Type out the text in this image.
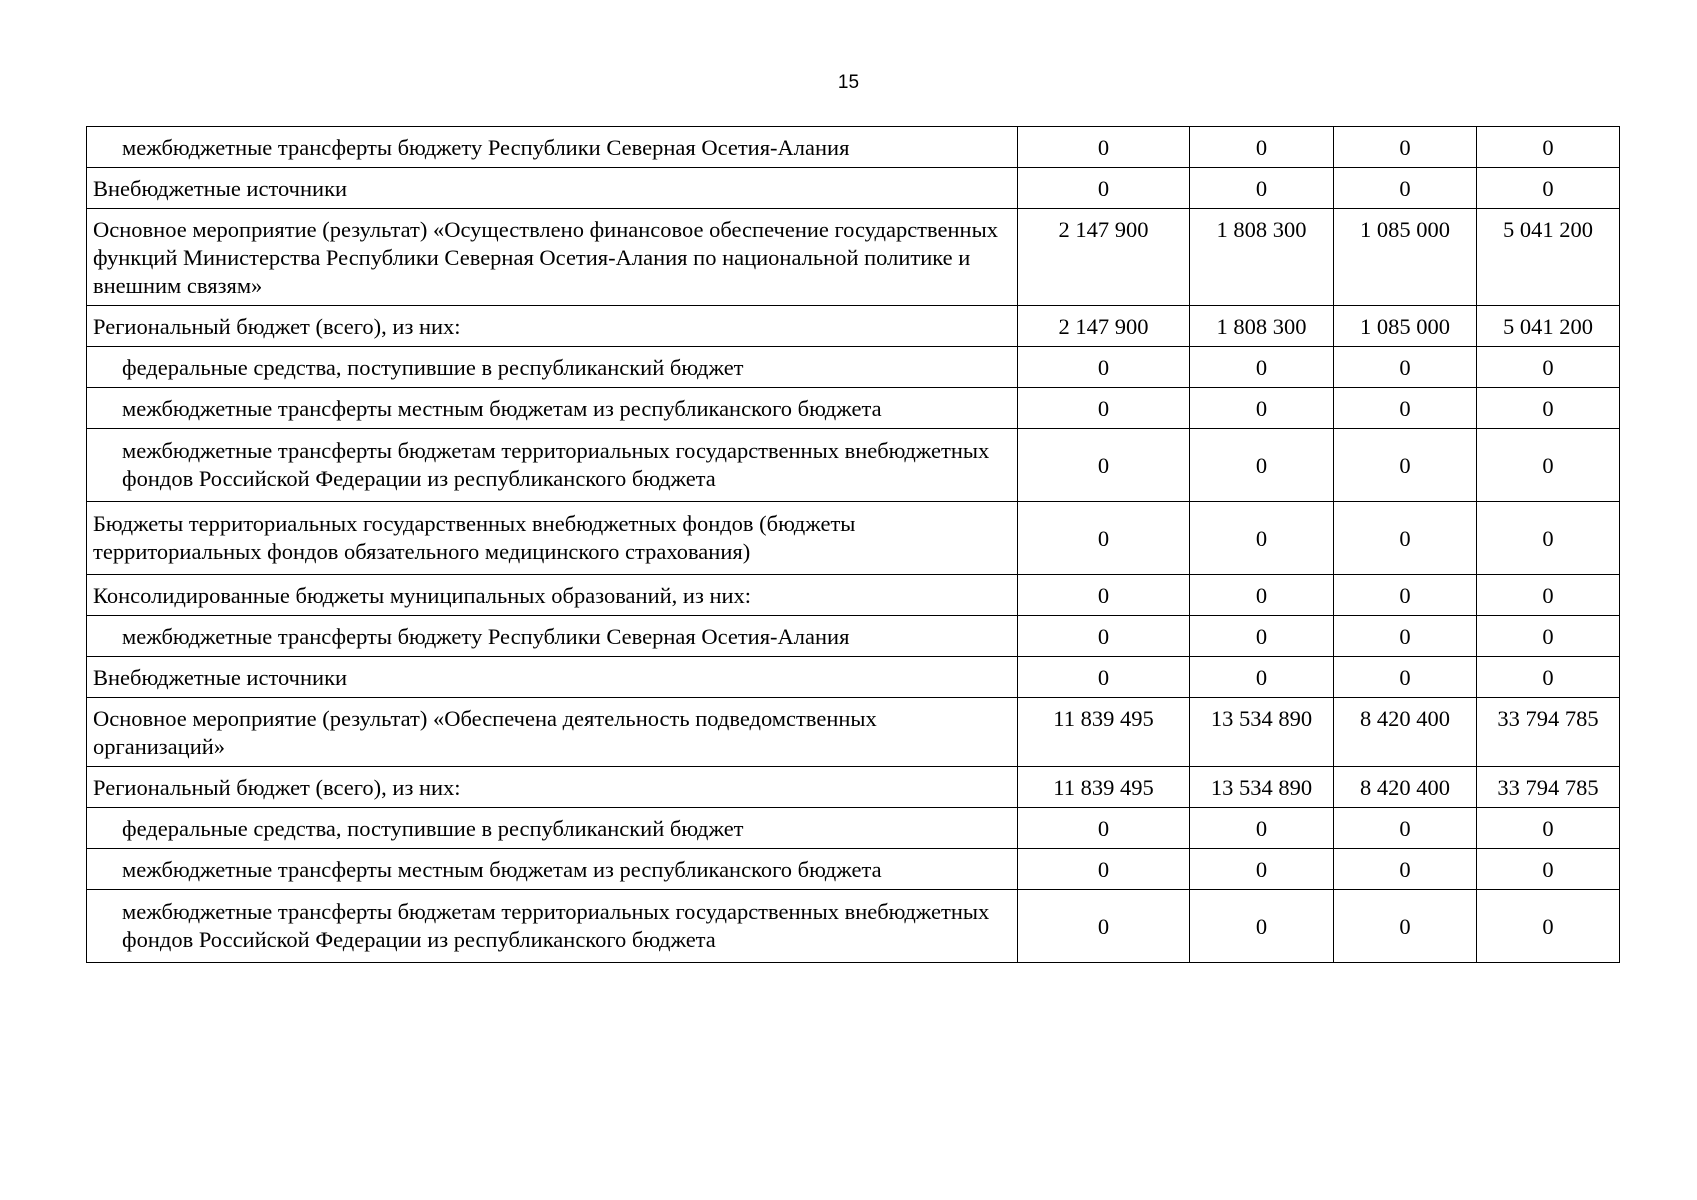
15
межбюджетные трансферты бюджету Республики Северная Осетия-Алания	0	0	0	0
Внебюджетные источники	0	0	0	0
Основное мероприятие (результат) «Осуществлено финансовое обеспечение государственных функций Министерства Республики Северная Осетия-Алания по национальной политике и внешним связям»	2 147 900	1 808 300	1 085 000	5 041 200
Региональный бюджет (всего), из них:	2 147 900	1 808 300	1 085 000	5 041 200
федеральные средства, поступившие в республиканский бюджет	0	0	0	0
межбюджетные трансферты местным бюджетам из республиканского бюджета	0	0	0	0
межбюджетные трансферты бюджетам территориальных государственных внебюджетных фондов Российской Федерации из республиканского бюджета	0	0	0	0
Бюджеты территориальных государственных внебюджетных фондов (бюджеты территориальных фондов обязательного медицинского страхования)	0	0	0	0
Консолидированные бюджеты муниципальных образований, из них:	0	0	0	0
межбюджетные трансферты бюджету Республики Северная Осетия-Алания	0	0	0	0
Внебюджетные источники	0	0	0	0
Основное мероприятие (результат) «Обеспечена деятельность подведомственных организаций»	11 839 495	13 534 890	8 420 400	33 794 785
Региональный бюджет (всего), из них:	11 839 495	13 534 890	8 420 400	33 794 785
федеральные средства, поступившие в республиканский бюджет	0	0	0	0
межбюджетные трансферты местным бюджетам из республиканского бюджета	0	0	0	0
межбюджетные трансферты бюджетам территориальных государственных внебюджетных фондов Российской Федерации из республиканского бюджета	0	0	0	0
